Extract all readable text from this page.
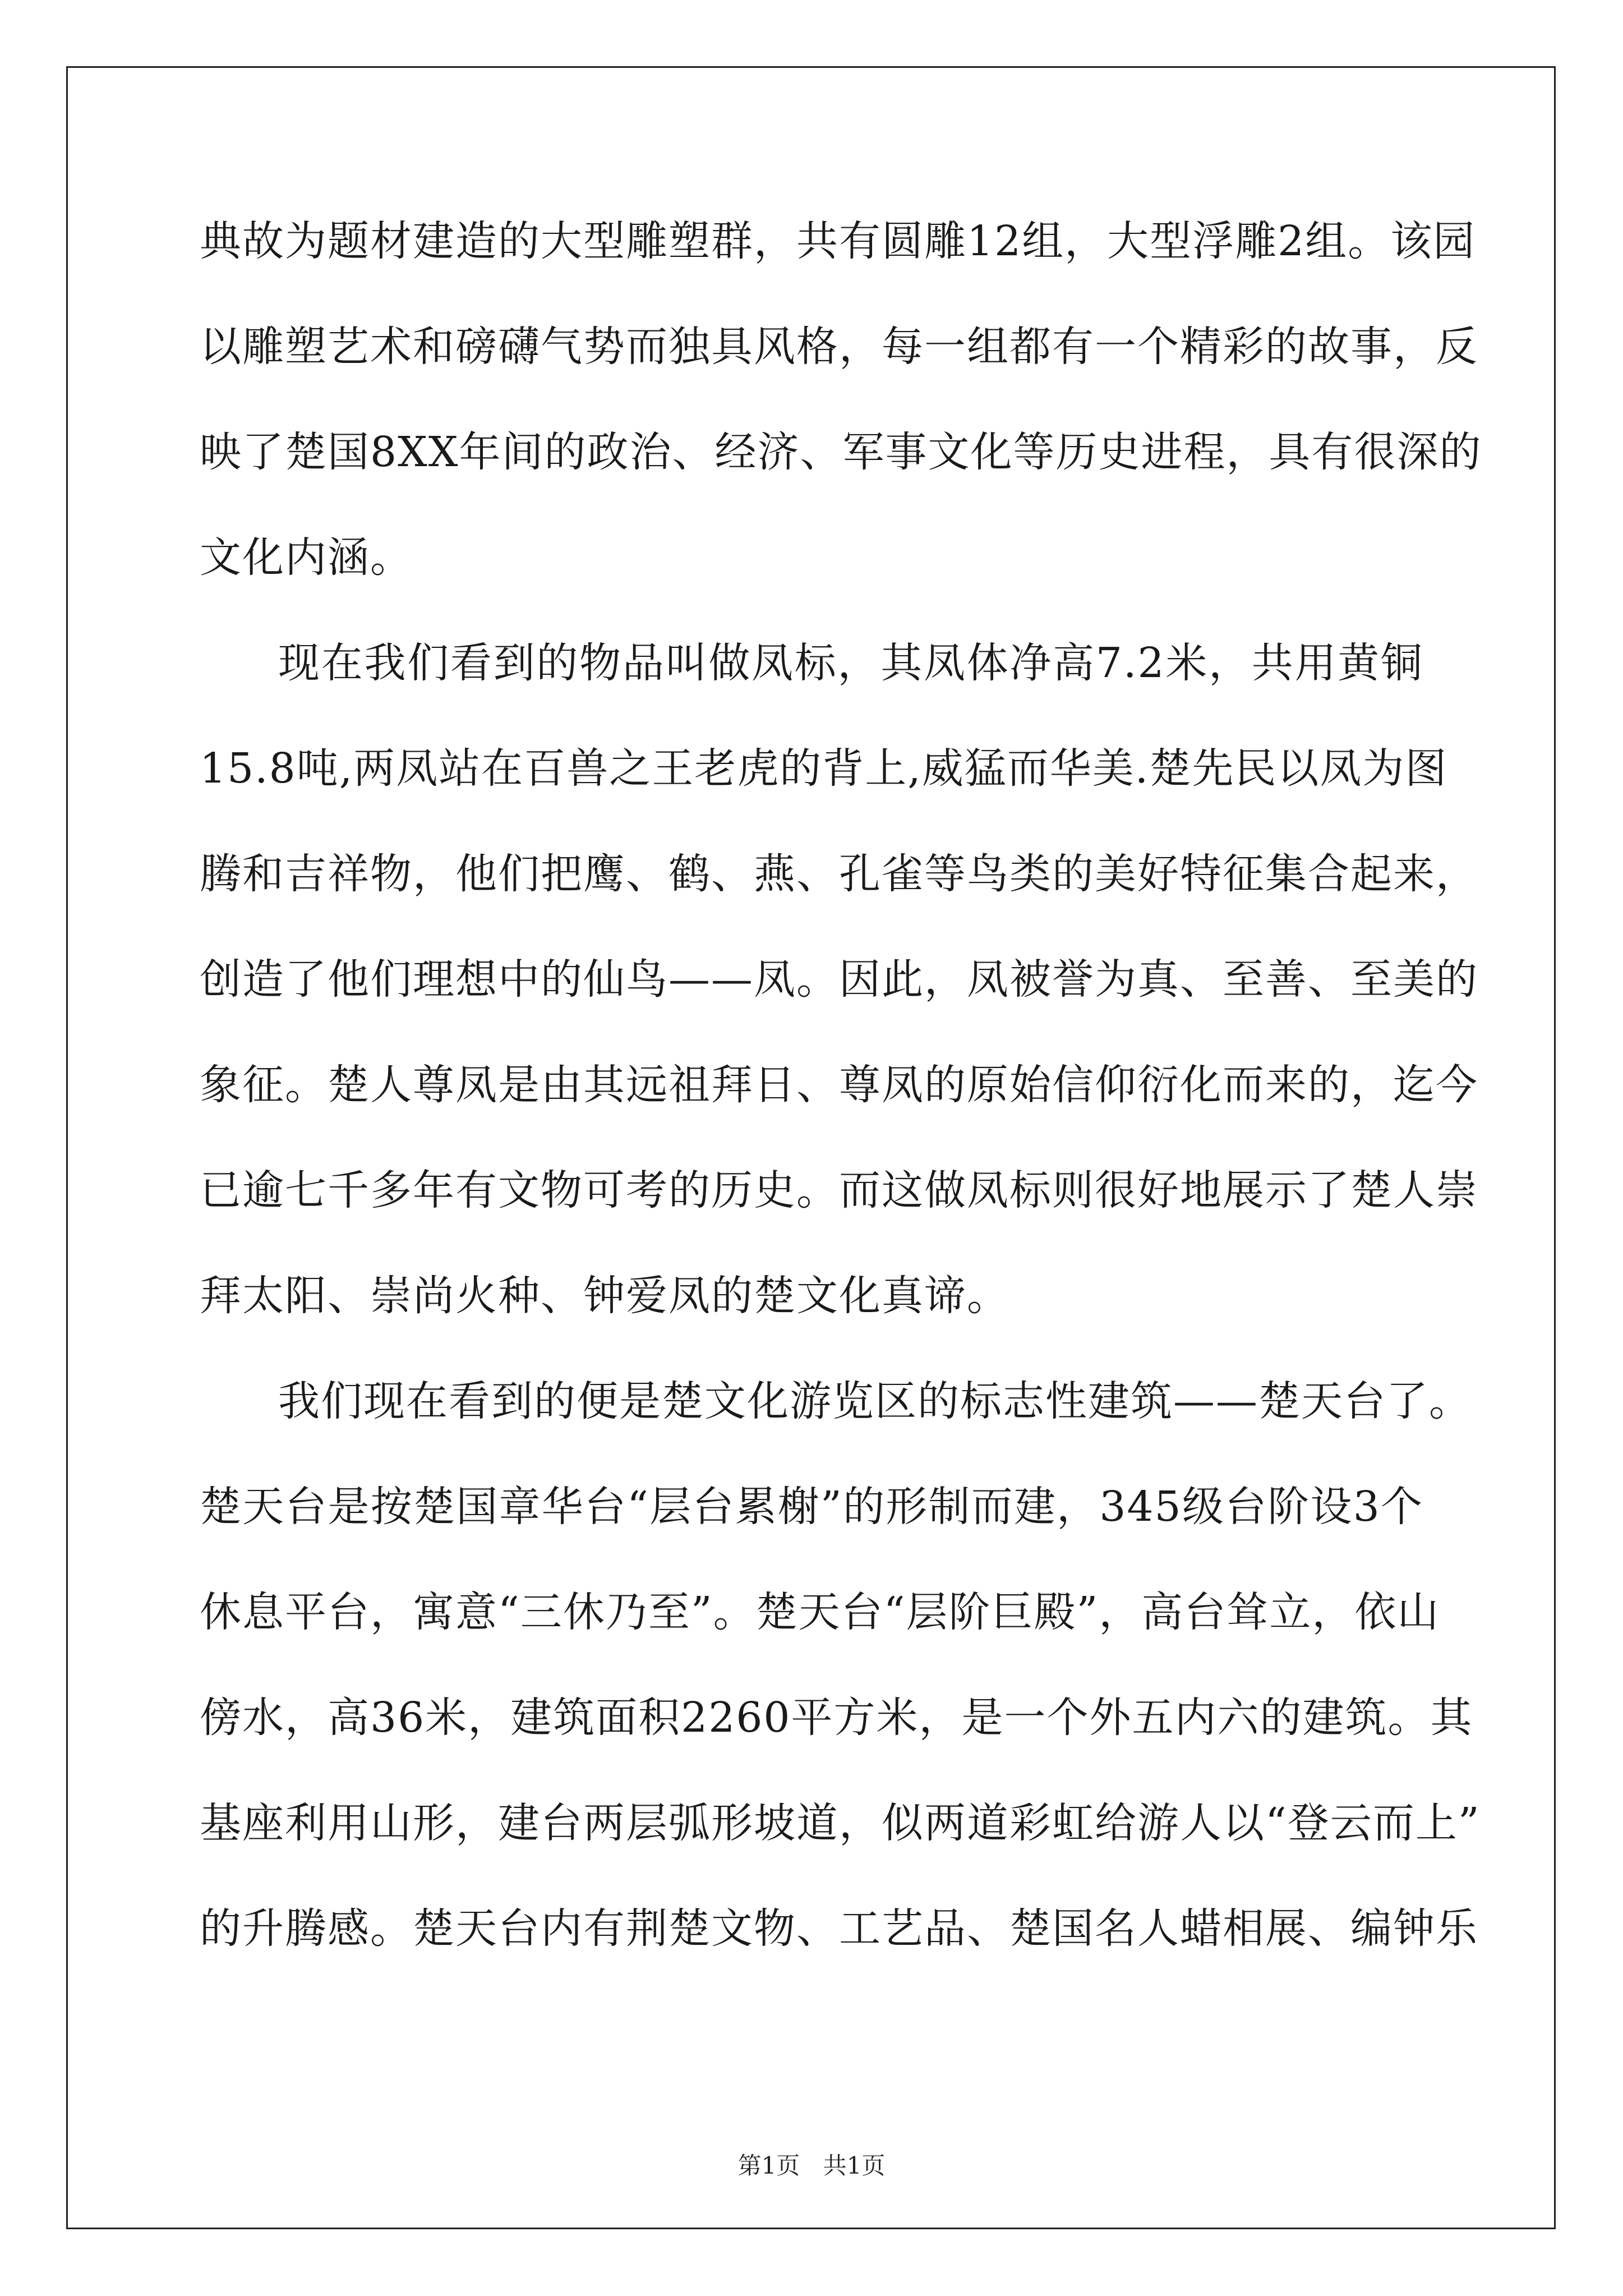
典故为题材建造的大型雕塑群，共有圆雕12组，大型浮雕2组。该园
以雕塑艺术和磅礴气势而独具风格，每一组都有一个精彩的故事，反
映了楚国8XX年间的政治、经济、军事文化等历史进程，具有很深的
文化内涵。
现在我们看到的物品叫做凤标，其凤体净高7.2米，共用黄铜
15.8吨,两凤站在百兽之王老虎的背上,威猛而华美.楚先民以凤为图
腾和吉祥物，他们把鹰、鹤、燕、孔雀等鸟类的美好特征集合起来，
创造了他们理想中的仙鸟——凤。因此，凤被誉为真、至善、至美的
象征。楚人尊凤是由其远祖拜日、尊凤的原始信仰衍化而来的，迄今
已逾七千多年有文物可考的历史。而这做凤标则很好地展示了楚人崇
拜太阳、崇尚火种、钟爱凤的楚文化真谛。
我们现在看到的便是楚文化游览区的标志性建筑——楚天台了。
楚天台是按楚国章华台“层台累榭”的形制而建，345级台阶设3个
休息平台，寓意“三休乃至”。楚天台“层阶巨殿”，高台耸立，依山
傍水，高36米，建筑面积2260平方米，是一个外五内六的建筑。其
基座利用山形，建台两层弧形坡道，似两道彩虹给游人以“登云而上”
的升腾感。楚天台内有荆楚文物、工艺品、楚国名人蜡相展、编钟乐
第1页 共1页
